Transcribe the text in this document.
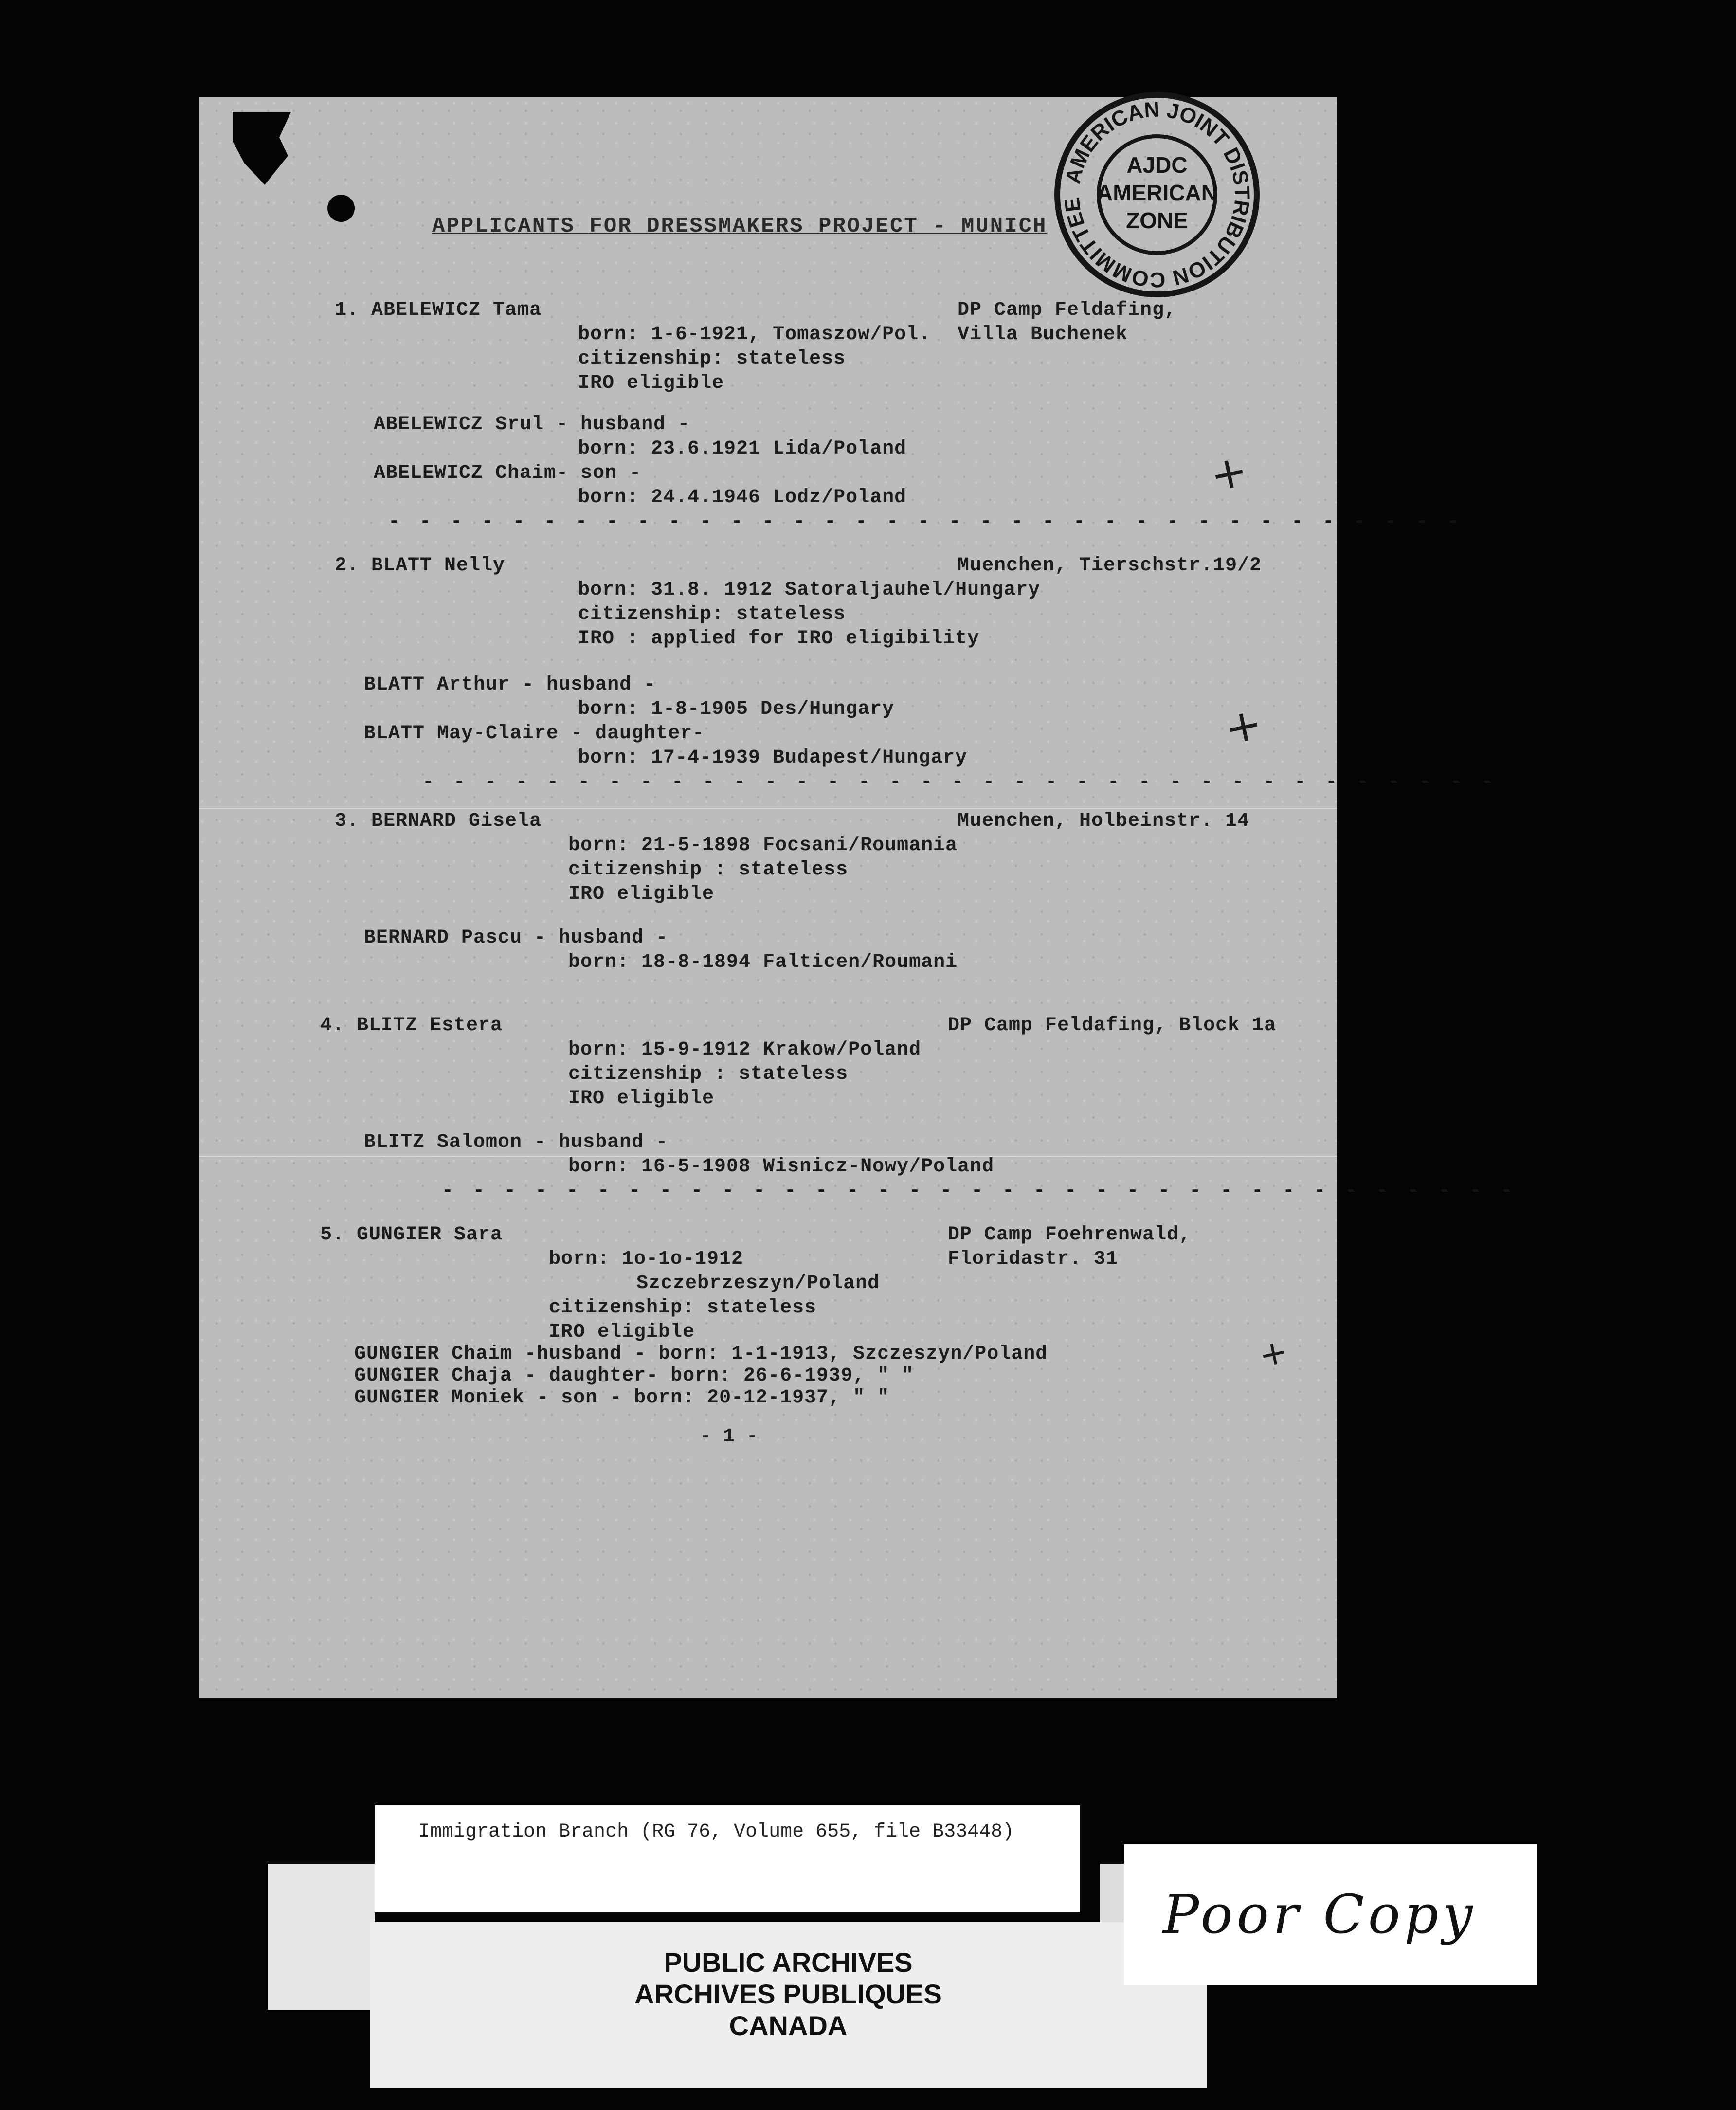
AMERICAN JOINT DISTRIBUTION COMMITTEE
AJDC
AMERICAN
ZONE
APPLICANTS FOR DRESSMAKERS PROJECT - MUNICH
1. ABELEWICZ Tama	DP Camp Feldafing,
Villa Buchenek
born: 1-6-1921, Tomaszow/Pol.
citizenship: stateless
IRO eligible
ABELEWICZ Srul - husband -
born: 23.6.1921 Lida/Poland
ABELEWICZ Chaim- son -
born: 24.4.1946 Lodz/Poland
- - - - - - - - - - - - - - - - - - - - - - - - - - - - - - - - - - -
+
2. BLATT Nelly	Muenchen, Tierschstr.19/2
born: 31.8. 1912 Satoraljauhel/Hungary
citizenship: stateless
IRO : applied for IRO eligibility
BLATT Arthur - husband -
born: 1-8-1905 Des/Hungary
BLATT May-Claire - daughter-
born: 17-4-1939 Budapest/Hungary
- - - - - - - - - - - - - - - - - - - - - - - - - - - - - - - - - - -
+
3. BERNARD Gisela	Muenchen, Holbeinstr. 14
born: 21-5-1898 Focsani/Roumania
citizenship : stateless
IRO eligible
BERNARD Pascu - husband -
born: 18-8-1894 Falticen/Roumani
4. BLITZ Estera	DP Camp Feldafing, Block 1a
born: 15-9-1912 Krakow/Poland
citizenship : stateless
IRO eligible
BLITZ Salomon - husband -
born: 16-5-1908 Wisnicz-Nowy/Poland
- - - - - - - - - - - - - - - - - - - - - - - - - - - - - - - - - - -
5. GUNGIER Sara	DP Camp Foehrenwald,
Floridastr. 31
born: 1o-1o-1912
Szczebrzeszyn/Poland
citizenship: stateless
IRO eligible
GUNGIER Chaim -husband - born: 1-1-1913, Szczeszyn/Poland
GUNGIER Chaja - daughter- born: 26-6-1939, " "
GUNGIER Moniek - son - born: 20-12-1937, " "
+
- 1 -
Immigration Branch (RG 76, Volume 655, file B33448)
PUBLIC ARCHIVES
ARCHIVES PUBLIQUES
CANADA
Poor Copy
